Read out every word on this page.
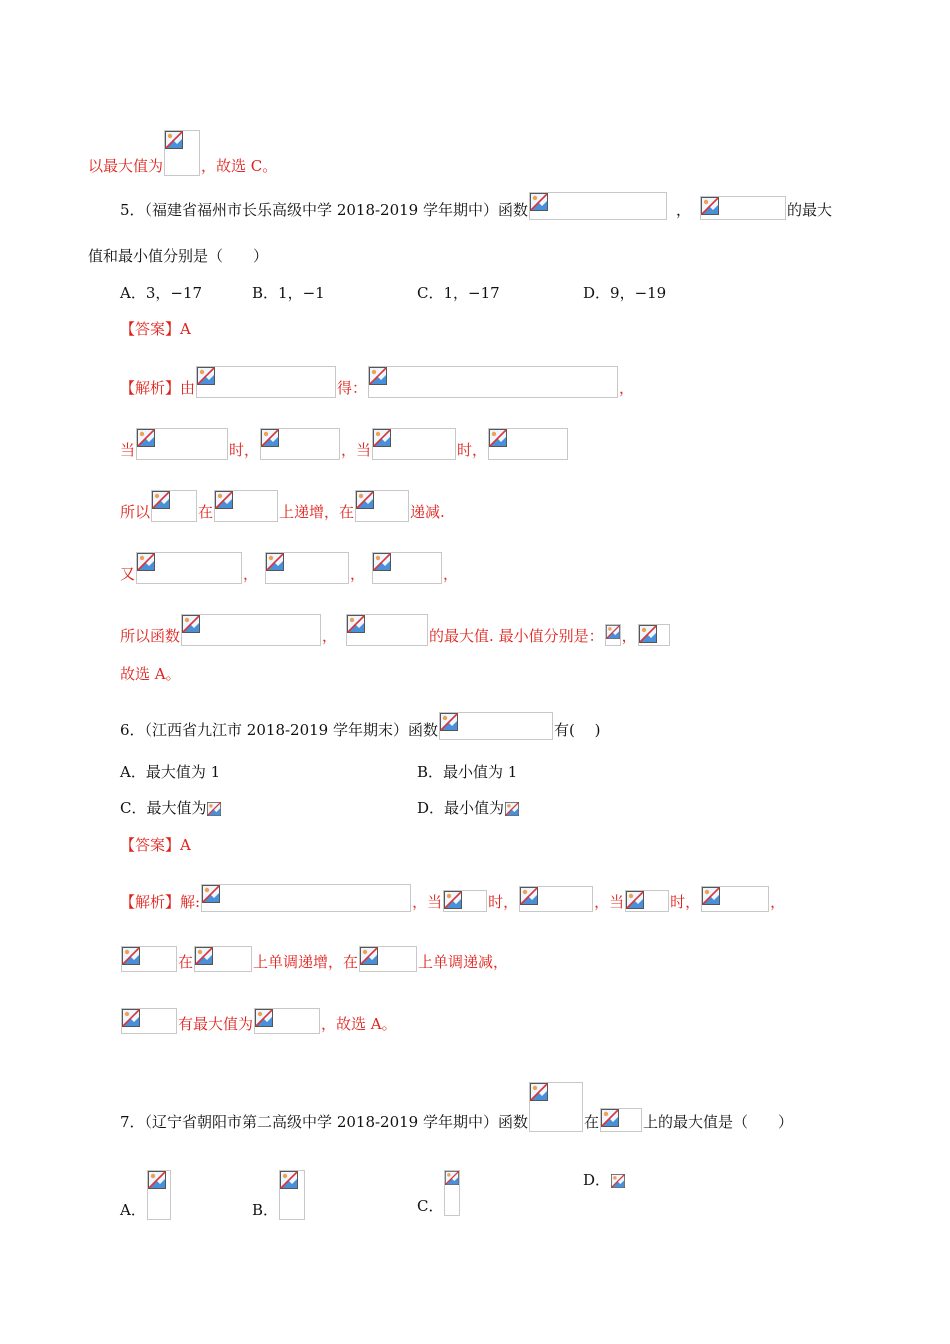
以最大值为	，故选 C。
5．（福建省福州市长乐高级中学 2018-2019 学年期中）函数	，	的最大
值和最小值分别是（　　）
A．3，−17	B．1，−1	C．1，−17	D．9，−19
【答案】 A
【解析】 由	得：	，
当	时，	，当	时，
所以	在	上递增，在	递减.
又	，	，	，
所以函数	，	的最大值. 最小值分别是： ，
故选 A。
6．（江西省九江市 2018-2019 学年期末）函数	有(　 )
A．最大值为 1	B．最小值为 1
C．最大值为	D．最小值为
【答案】 A
【解析】 解:	，当	时，	，当	时，	，
在	上单调递增，在	上单调递减，
有最大值为	，故选 A。
7．（辽宁省朝阳市第二高级中学 2018-2019 学年期中）函数	在	上的最大值是（　　）
A．	B．	C．
D．
